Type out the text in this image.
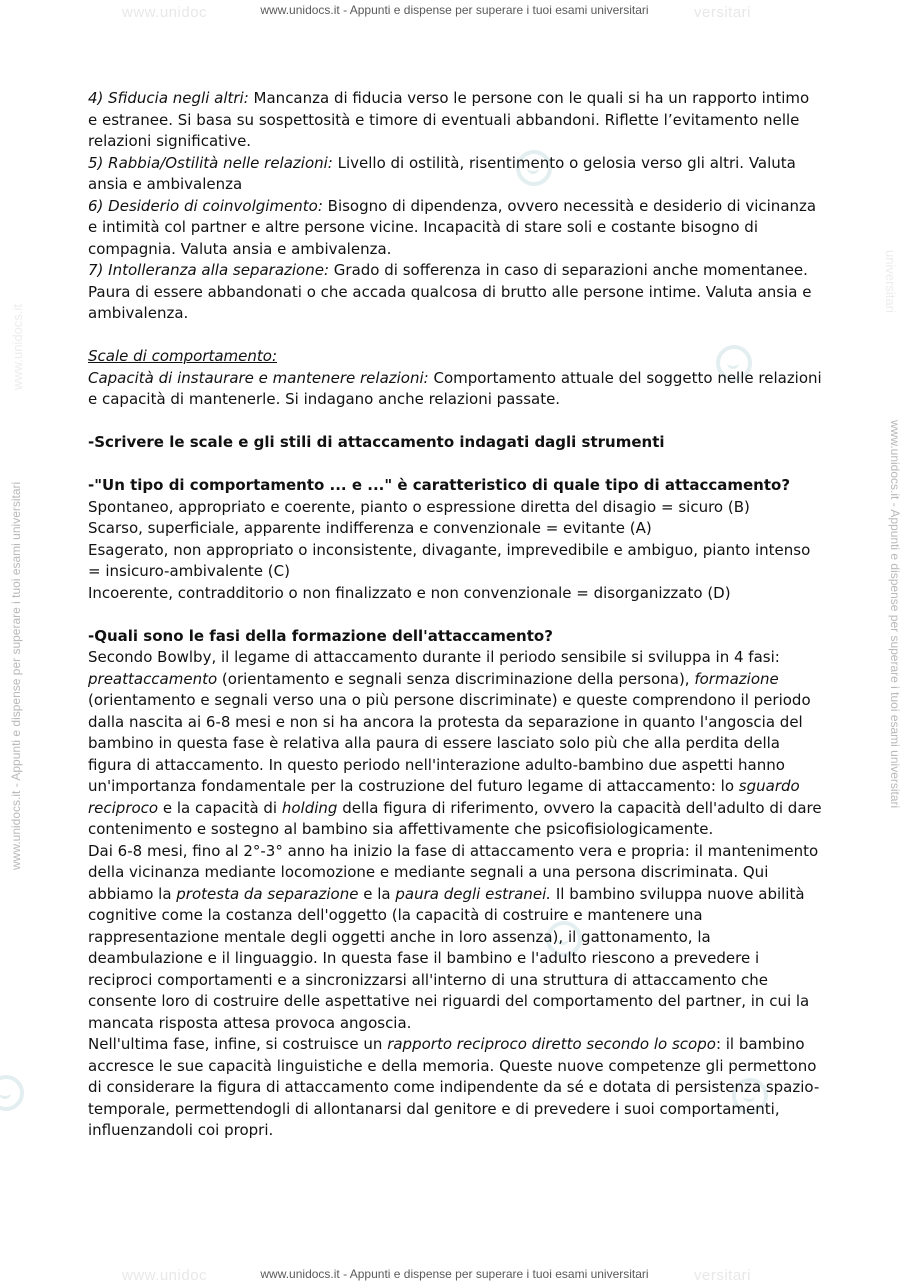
www.unidoc	versitari
www.unidocs.it - Appunti e dispense per superare i tuoi esami universitari
www.unidoc	versitari
www.unidocs.it - Appunti e dispense per superare i tuoi esami universitari
www.unidocs.it - Appunti e dispense per superare i tuoi esami universitari	www.unidocs.it - Appunti e dispense per superare i tuoi esami universitari
www.unidocs.it
universitari

4) Sfiducia negli altri: Mancanza di fiducia verso le persone con le quali si ha un rapporto intimo e estranee. Si basa su sospettosità e timore di eventuali abbandoni. Riflette l’evitamento nelle relazioni significative.

5) Rabbia/Ostilità nelle relazioni: Livello di ostilità, risentimento o gelosia verso gli altri. Valuta ansia e ambivalenza

6) Desiderio di coinvolgimento: Bisogno di dipendenza, ovvero necessità e desiderio di vicinanza e intimità col partner e altre persone vicine. Incapacità di stare soli e costante bisogno di compagnia. Valuta ansia e ambivalenza.

7) Intolleranza alla separazione: Grado di sofferenza in caso di separazioni anche momentanee. Paura di essere abbandonati o che accada qualcosa di brutto alle persone intime. Valuta ansia e ambivalenza.

Scale di comportamento:

Capacità di instaurare e mantenere relazioni: Comportamento attuale del soggetto nelle relazioni e capacità di mantenerle. Si indagano anche relazioni passate.

-Scrivere le scale e gli stili di attaccamento indagati dagli strumenti

-"Un tipo di comportamento ... e ..." è caratteristico di quale tipo di attaccamento?

Spontaneo, appropriato e coerente, pianto o espressione diretta del disagio = sicuro (B)

Scarso, superficiale, apparente indifferenza e convenzionale = evitante (A)

Esagerato, non appropriato o inconsistente, divagante, imprevedibile e ambiguo, pianto intenso = insicuro-ambivalente (C)

Incoerente, contradditorio o non finalizzato e non convenzionale = disorganizzato (D)

-Quali sono le fasi della formazione dell'attaccamento?

Secondo Bowlby, il legame di attaccamento durante il periodo sensibile si sviluppa in 4 fasi: preattaccamento (orientamento e segnali senza discriminazione della persona), formazione (orientamento e segnali verso una o più persone discriminate) e queste comprendono il periodo dalla nascita ai 6-8 mesi e non si ha ancora la protesta da separazione in quanto l'angoscia del bambino in questa fase è relativa alla paura di essere lasciato solo più che alla perdita della figura di attaccamento. In questo periodo nell'interazione adulto-bambino due aspetti hanno un'importanza fondamentale per la costruzione del futuro legame di attaccamento: lo sguardo reciproco e la capacità di holding della figura di riferimento, ovvero la capacità dell'adulto di dare contenimento e sostegno al bambino sia affettivamente che psicofisiologicamente.

Dai 6-8 mesi, fino al 2°-3° anno ha inizio la fase di attaccamento vera e propria: il mantenimento della vicinanza mediante locomozione e mediante segnali a una persona discriminata. Qui abbiamo la protesta da separazione e la paura degli estranei. Il bambino sviluppa nuove abilità cognitive come la costanza dell'oggetto (la capacità di costruire e mantenere una rappresentazione mentale degli oggetti anche in loro assenza), il gattonamento, la deambulazione e il linguaggio. In questa fase il bambino e l'adulto riescono a prevedere i reciproci comportamenti e a sincronizzarsi all'interno di una struttura di attaccamento che consente loro di costruire delle aspettative nei riguardi del comportamento del partner, in cui la mancata risposta attesa provoca angoscia.

Nell'ultima fase, infine, si costruisce un rapporto reciproco diretto secondo lo scopo: il bambino accresce le sue capacità linguistiche e della memoria. Queste nuove competenze gli permettono di considerare la figura di attaccamento come indipendente da sé e dotata di persistenza spazio-temporale, permettendogli di allontanarsi dal genitore e di prevedere i suoi comportamenti, influenzandoli coi propri.
